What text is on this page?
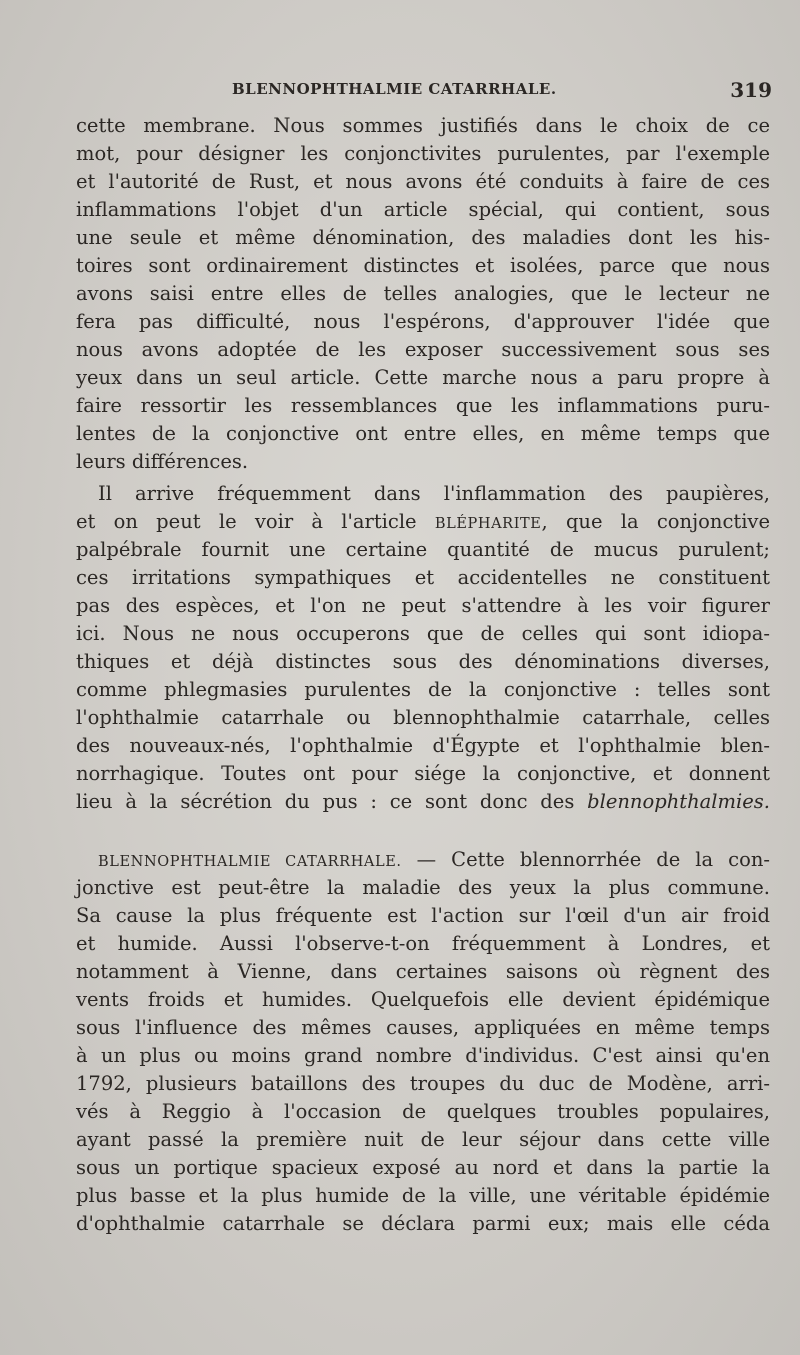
BLENNOPHTHALMIE CATARRHALE.	319
cette membrane. Nous sommes justifiés dans le choix de ce
mot, pour désigner les conjonctivites purulentes, par l'exemple
et l'autorité de Rust, et nous avons été conduits à faire de ces
inflammations l'objet d'un article spécial, qui contient, sous
une seule et même dénomination, des maladies dont les his-
toires sont ordinairement distinctes et isolées, parce que nous
avons saisi entre elles de telles analogies, que le lecteur ne
fera pas difficulté, nous l'espérons, d'approuver l'idée que
nous avons adoptée de les exposer successivement sous ses
yeux dans un seul article. Cette marche nous a paru propre à
faire ressortir les ressemblances que les inflammations puru-
lentes de la conjonctive ont entre elles, en même temps que
leurs différences.
Il arrive fréquemment dans l'inflammation des paupières,
et on peut le voir à l'article BLÉPHARITE, que la conjonctive
palpébrale fournit une certaine quantité de mucus purulent;
ces irritations sympathiques et accidentelles ne constituent
pas des espèces, et l'on ne peut s'attendre à les voir figurer
ici. Nous ne nous occuperons que de celles qui sont idiopa-
thiques et déjà distinctes sous des dénominations diverses,
comme phlegmasies purulentes de la conjonctive : telles sont
l'ophthalmie catarrhale ou blennophthalmie catarrhale, celles
des nouveaux-nés, l'ophthalmie d'Égypte et l'ophthalmie blen-
norrhagique. Toutes ont pour siége la conjonctive, et donnent
lieu à la sécrétion du pus : ce sont donc des blennophthalmies.
BLENNOPHTHALMIE CATARRHALE. — Cette blennorrhée de la con-
jonctive est peut-être la maladie des yeux la plus commune.
Sa cause la plus fréquente est l'action sur l'œil d'un air froid
et humide. Aussi l'observe-t-on fréquemment à Londres, et
notamment à Vienne, dans certaines saisons où règnent des
vents froids et humides. Quelquefois elle devient épidémique
sous l'influence des mêmes causes, appliquées en même temps
à un plus ou moins grand nombre d'individus. C'est ainsi qu'en
1792, plusieurs bataillons des troupes du duc de Modène, arri-
vés à Reggio à l'occasion de quelques troubles populaires,
ayant passé la première nuit de leur séjour dans cette ville
sous un portique spacieux exposé au nord et dans la partie la
plus basse et la plus humide de la ville, une véritable épidémie
d'ophthalmie catarrhale se déclara parmi eux; mais elle céda
